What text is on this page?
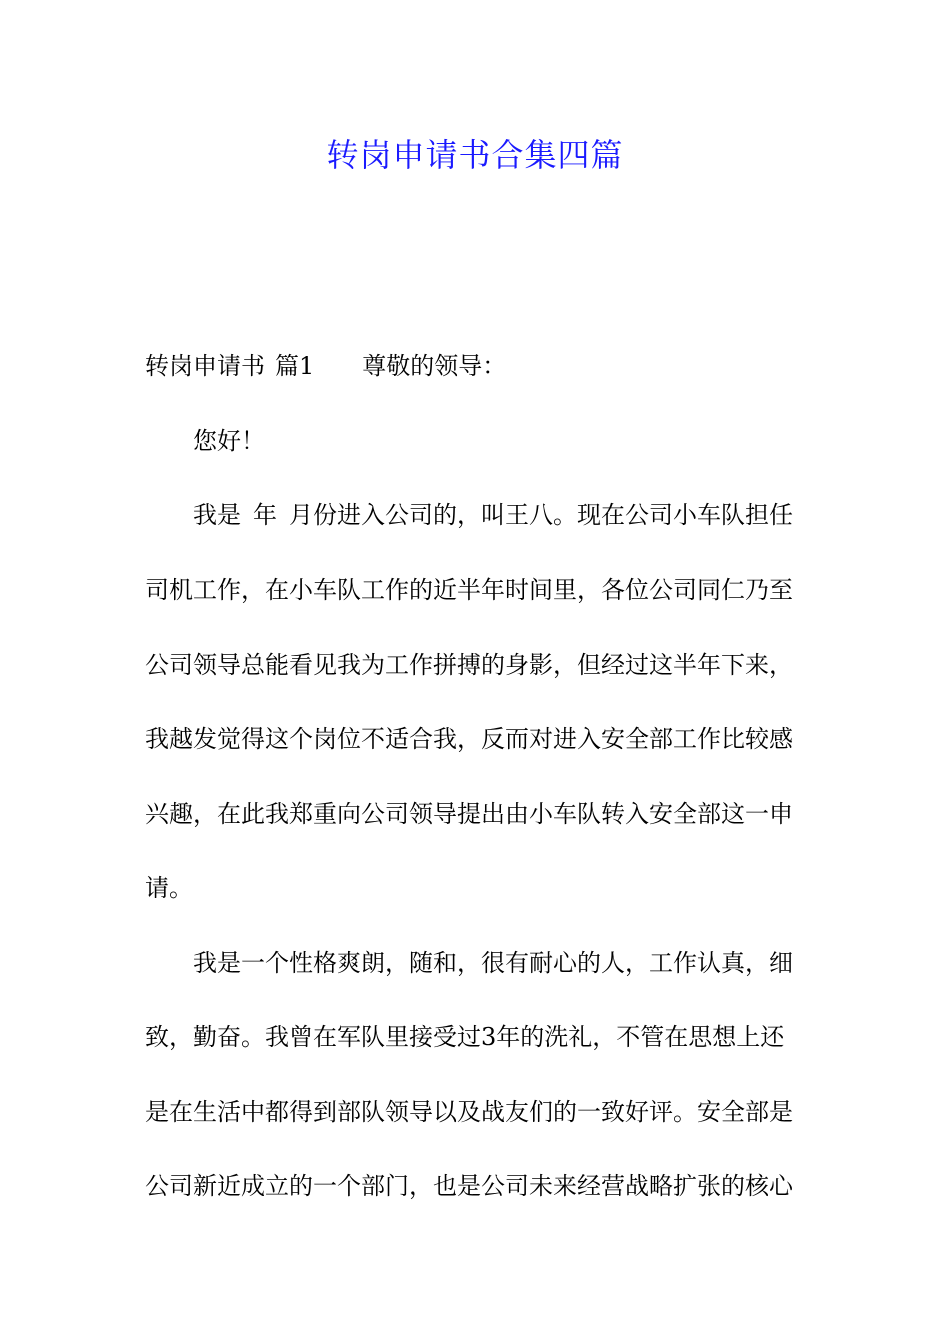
转岗申请书合集四篇
转岗申请书 篇1 尊敬的领导：
您好！
我是 年 月份进入公司的，叫王八。现在公司小车队担任
司机工作，在小车队工作的近半年时间里，各位公司同仁乃至
公司领导总能看见我为工作拼搏的身影，但经过这半年下来，
我越发觉得这个岗位不适合我，反而对进入安全部工作比较感
兴趣，在此我郑重向公司领导提出由小车队转入安全部这一申
请。
我是一个性格爽朗，随和，很有耐心的人，工作认真，细
致，勤奋。我曾在军队里接受过3年的洗礼，不管在思想上还
是在生活中都得到部队领导以及战友们的一致好评。安全部是
公司新近成立的一个部门，也是公司未来经营战略扩张的核心
